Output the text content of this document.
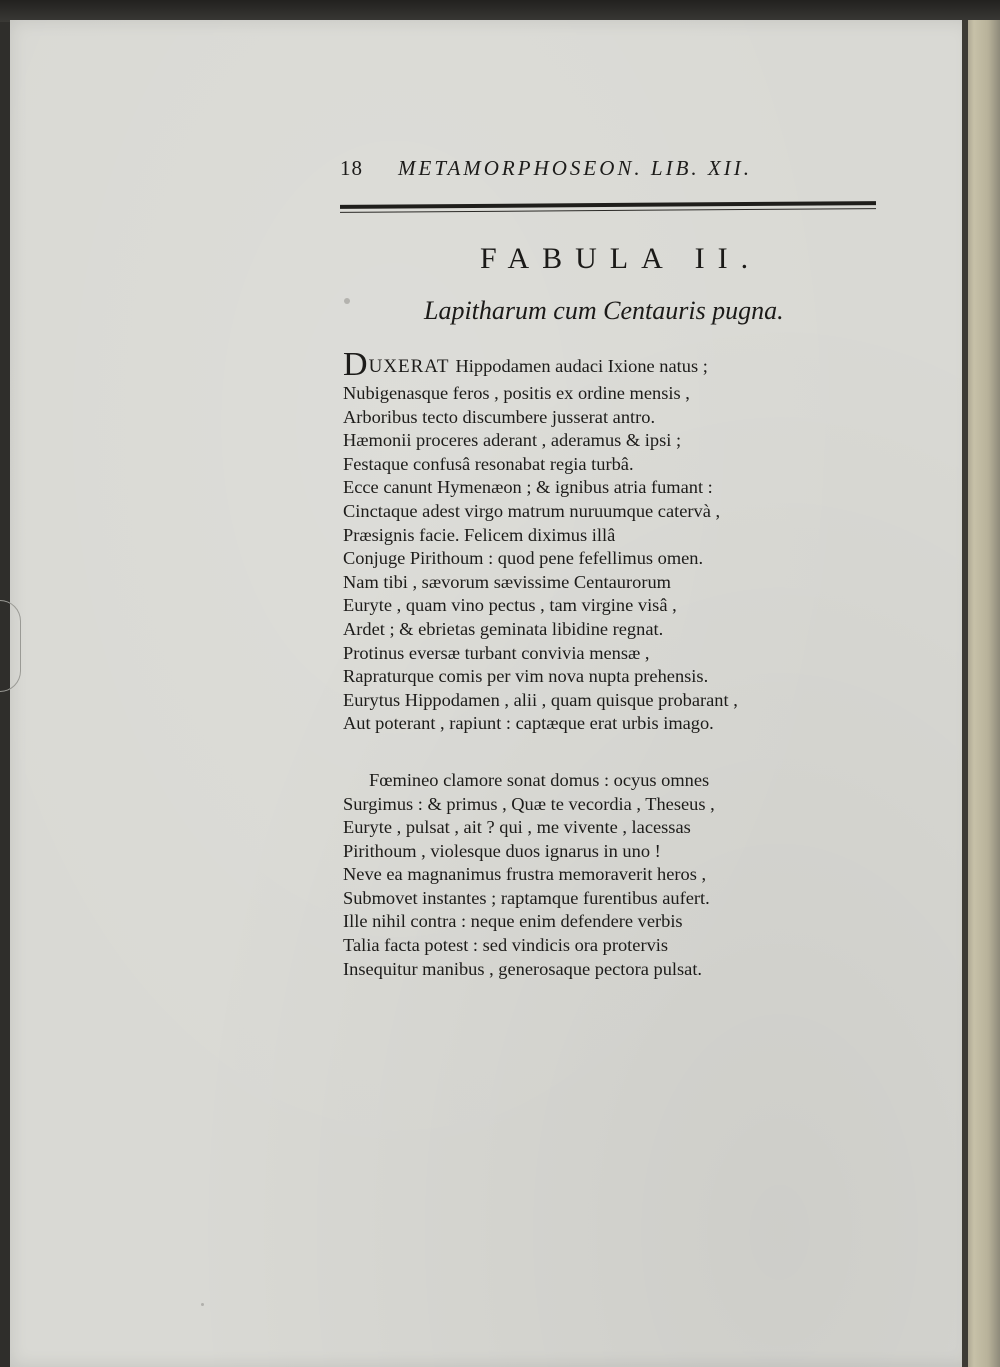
18 METAMORPHOSEON. LIB. XII.
FABULA II.
Lapitharum cum Centauris pugna.
DUXERAT Hippodamen audaci Ixione natus ;
Nubigenasque feros , positis ex ordine mensis ,
Arboribus tecto discumbere jusserat antro.
Hæmonii proceres aderant , aderamus & ipsi ;
Festaque confusâ resonabat regia turbâ.
Ecce canunt Hymenæon ; & ignibus atria fumant :
Cinctaque adest virgo matrum nuruumque catervà ,
Præsignis facie. Felicem diximus illâ
Conjuge Pirithoum : quod pene fefellimus omen.
Nam tibi , sævorum sævissime Centaurorum
Euryte , quam vino pectus , tam virgine visâ ,
Ardet ; & ebrietas geminata libidine regnat.
Protinus eversæ turbant convivia mensæ ,
Rapraturque comis per vim nova nupta prehensis.
Eurytus Hippodamen , alii , quam quisque probarant ,
Aut poterant , rapiunt : captæque erat urbis imago.
Fœmineo clamore sonat domus : ocyus omnes
Surgimus : & primus , Quæ te vecordia , Theseus ,
Euryte , pulsat , ait ? qui , me vivente , lacessas
Pirithoum , violesque duos ignarus in uno !
Neve ea magnanimus frustra memoraverit heros ,
Submovet instantes ; raptamque furentibus aufert.
Ille nihil contra : neque enim defendere verbis
Talia facta potest : sed vindicis ora protervis
Insequitur manibus , generosaque pectora pulsat.
